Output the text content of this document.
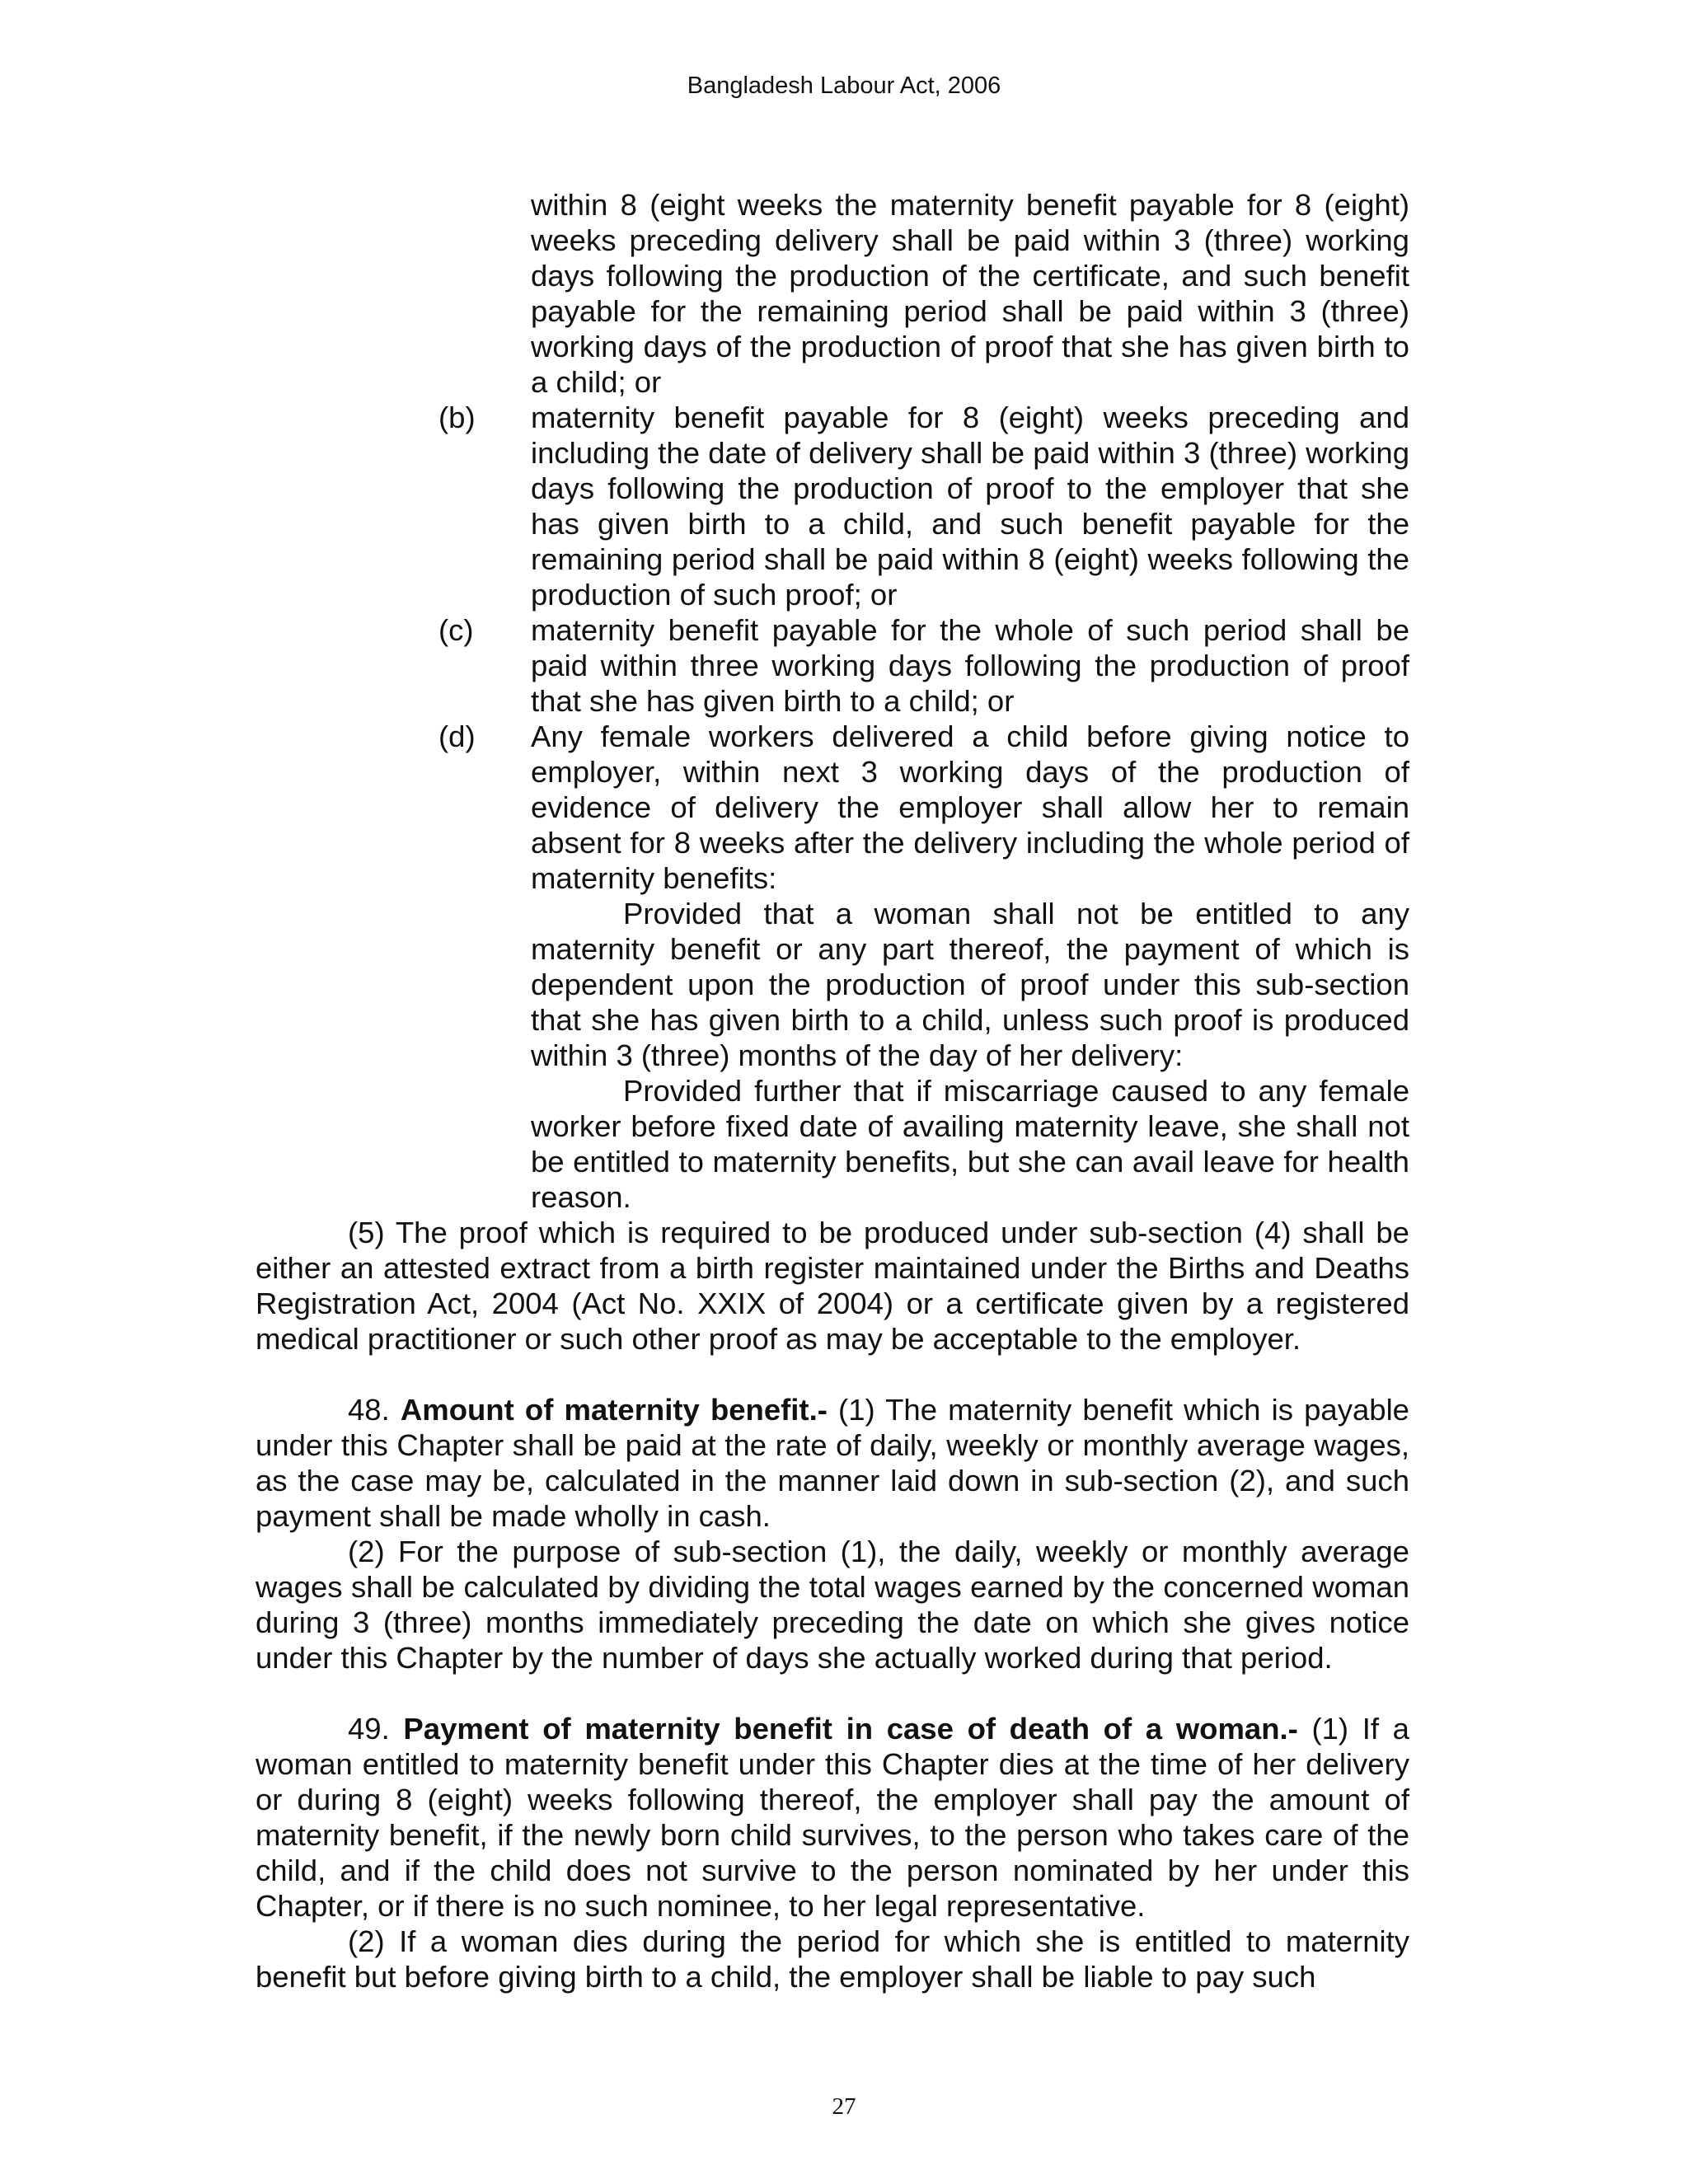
Bangladesh Labour Act, 2006

within 8 (eight weeks the maternity benefit payable for 8 (eight) weeks preceding delivery shall be paid within 3 (three) working days following the production of the certificate, and such benefit payable for the remaining period shall be paid within 3 (three) working days of the production of proof that she has given birth to a child; or

(b) maternity benefit payable for 8 (eight) weeks preceding and including the date of delivery shall be paid within 3 (three) working days following the production of proof to the employer that she has given birth to a child, and such benefit payable for the remaining period shall be paid within 8 (eight) weeks following the production of such proof; or

(c) maternity benefit payable for the whole of such period shall be paid within three working days following the production of proof that she has given birth to a child; or

(d) Any female workers delivered a child before giving notice to employer, within next 3 working days of the production of evidence of delivery the employer shall allow her to remain absent for 8 weeks after the delivery including the whole period of maternity benefits:

Provided that a woman shall not be entitled to any maternity benefit or any part thereof, the payment of which is dependent upon the production of proof under this sub-section that she has given birth to a child, unless such proof is produced within 3 (three) months of the day of her delivery:

Provided further that if miscarriage caused to any female worker before fixed date of availing maternity leave, she shall not be entitled to maternity benefits, but she can avail leave for health reason.

(5) The proof which is required to be produced under sub-section (4) shall be either an attested extract from a birth register maintained under the Births and Deaths Registration Act, 2004 (Act No. XXIX of 2004) or a certificate given by a registered medical practitioner or such other proof as may be acceptable to the employer.

48. Amount of maternity benefit.- (1) The maternity benefit which is payable under this Chapter shall be paid at the rate of daily, weekly or monthly average wages, as the case may be, calculated in the manner laid down in sub-section (2), and such payment shall be made wholly in cash.

(2) For the purpose of sub-section (1), the daily, weekly or monthly average wages shall be calculated by dividing the total wages earned by the concerned woman during 3 (three) months immediately preceding the date on which she gives notice under this Chapter by the number of days she actually worked during that period.

49. Payment of maternity benefit in case of death of a woman.- (1) If a woman entitled to maternity benefit under this Chapter dies at the time of her delivery or during 8 (eight) weeks following thereof, the employer shall pay the amount of maternity benefit, if the newly born child survives, to the person who takes care of the child, and if the child does not survive to the person nominated by her under this Chapter, or if there is no such nominee, to her legal representative.

(2) If a woman dies during the period for which she is entitled to maternity benefit but before giving birth to a child, the employer shall be liable to pay such

27
